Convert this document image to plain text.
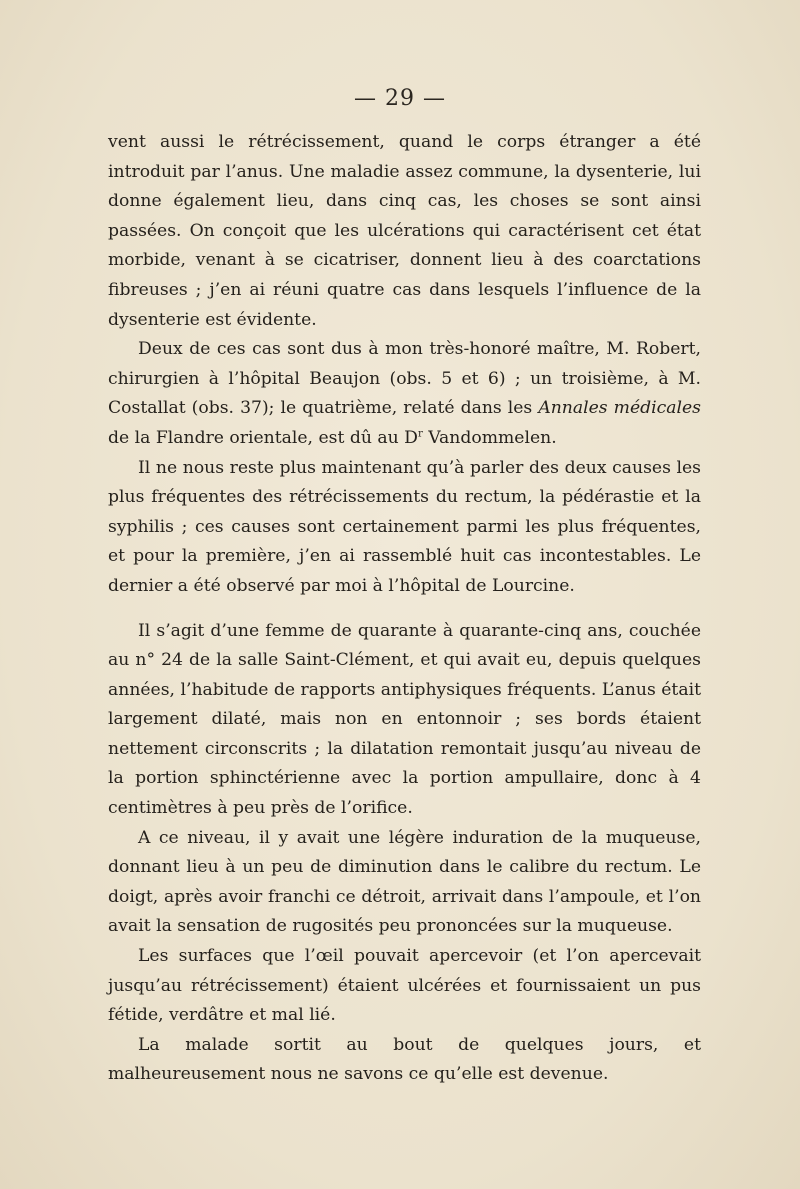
— 29 —

vent aussi le rétrécissement, quand le corps étranger a été introduit par l’anus. Une maladie assez commune, la dysenterie, lui donne également lieu, dans cinq cas, les choses se sont ainsi passées. On conçoit que les ulcérations qui caractérisent cet état morbide, venant à se cicatriser, donnent lieu à des coarctations fibreuses ; j’en ai réuni quatre cas dans lesquels l’influence de la dysenterie est évidente.

Deux de ces cas sont dus à mon très-honoré maître, M. Robert, chirurgien à l’hôpital Beaujon (obs. 5 et 6) ; un troisième, à M. Costallat (obs. 37); le quatrième, relaté dans les Annales médicales de la Flandre orientale, est dû au $D^r$ Vandommelen.

Il ne nous reste plus maintenant qu’à parler des deux causes les plus fréquentes des rétrécissements du rectum, la pédérastie et la syphilis ; ces causes sont certainement parmi les plus fréquentes, et pour la première, j’en ai rassemblé huit cas incontestables. Le dernier a été observé par moi à l’hôpital de Lourcine.

Il s’agit d’une femme de quarante à quarante-cinq ans, couchée au n° 24 de la salle Saint-Clément, et qui avait eu, depuis quelques années, l’habitude de rapports antiphysiques fréquents. L’anus était largement dilaté, mais non en entonnoir ; ses bords étaient nettement circonscrits ; la dilatation remontait jusqu’au niveau de la portion sphinctérienne avec la portion ampullaire, donc à 4 centimètres à peu près de l’orifice.

A ce niveau, il y avait une légère induration de la muqueuse, donnant lieu à un peu de diminution dans le calibre du rectum. Le doigt, après avoir franchi ce détroit, arrivait dans l’ampoule, et l’on avait la sensation de rugosités peu prononcées sur la muqueuse.

Les surfaces que l’œil pouvait apercevoir (et l’on apercevait jusqu’au rétrécissement) étaient ulcérées et fournissaient un pus fétide, verdâtre et mal lié.

La malade sortit au bout de quelques jours, et malheureusement nous ne savons ce qu’elle est devenue.
